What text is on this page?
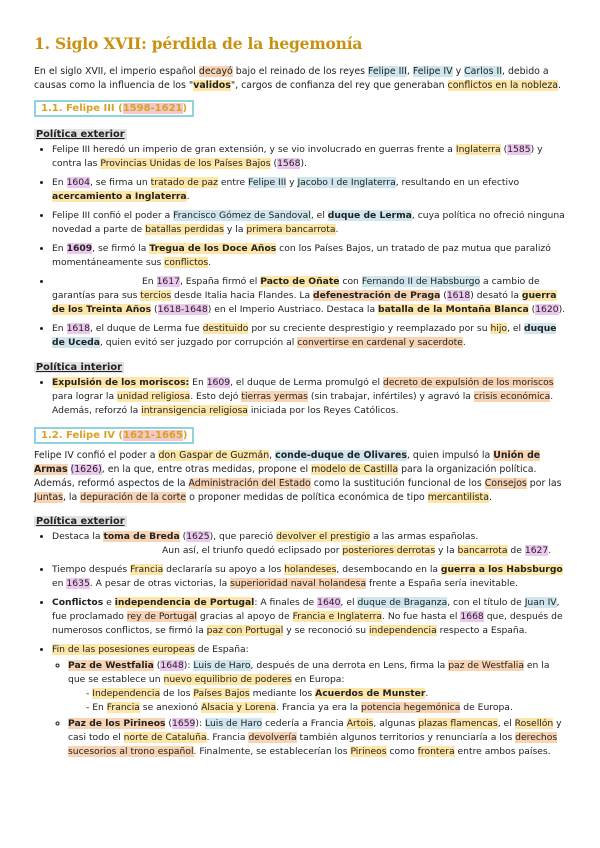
1. Siglo XVII: pérdida de la hegemonía

En el siglo XVII, el imperio español decayó bajo el reinado de los reyes Felipe III, Felipe IV y Carlos II, debido a causas como la influencia de los "validos", cargos de confianza del rey que generaban conflictos en la nobleza.

1.1. Felipe III (1598-1621)
Política exterior
• Felipe III heredó un imperio de gran extensión, y se vio involucrado en guerras frente a Inglaterra (1585) y contra las Provincias Unidas de los Países Bajos (1568).
• En 1604, se firma un tratado de paz entre Felipe III y Jacobo I de Inglaterra, resultando en un efectivo acercamiento a Inglaterra.
• Felipe III confió el poder a Francisco Gómez de Sandoval, el duque de Lerma, cuya política no ofreció ninguna novedad a parte de batallas perdidas y la primera bancarrota.
• En 1609, se firmó la Tregua de los Doce Años con los Países Bajos, un tratado de paz mutua que paralizó momentáneamente sus conflictos.
• En 1617, España firmó el Pacto de Oñate con Fernando II de Habsburgo a cambio de garantías para sus tercios desde Italia hacia Flandes. La defenestración de Praga (1618) desató la guerra de los Treinta Años (1618-1648) en el Imperio Austriaco. Destaca la batalla de la Montaña Blanca (1620).
• En 1618, el duque de Lerma fue destituido por su creciente desprestigio y reemplazado por su hijo, el duque de Uceda, quien evitó ser juzgado por corrupción al convertirse en cardenal y sacerdote.
Política interior
• Expulsión de los moriscos: En 1609, el duque de Lerma promulgó el decreto de expulsión de los moriscos para lograr la unidad religiosa. Esto dejó tierras yermas (sin trabajar, infértiles) y agravó la crisis económica. Además, reforzó la intransigencia religiosa iniciada por los Reyes Católicos.
1.2. Felipe IV (1621-1665)

Felipe IV confió el poder a don Gaspar de Guzmán, conde-duque de Olivares, quien impulsó la Unión de Armas (1626), en la que, entre otras medidas, propone el modelo de Castilla para la organización política. Además, reformó aspectos de la Administración del Estado como la sustitución funcional de los Consejos por las Juntas, la depuración de la corte o proponer medidas de política económica de tipo mercantilista.

Política exterior
• Destaca la toma de Breda (1625), que pareció devolver el prestigio a las armas españolas. Aun así, el triunfo quedó eclipsado por posteriores derrotas y la bancarrota de 1627.
• Tiempo después Francia declararía su apoyo a los holandeses, desembocando en la guerra a los Habsburgo en 1635. A pesar de otras victorias, la superioridad naval holandesa frente a España sería inevitable.
• Conflictos e independencia de Portugal: A finales de 1640, el duque de Braganza, con el título de Juan IV, fue proclamado rey de Portugal gracias al apoyo de Francia e Inglaterra. No fue hasta el 1668 que, después de numerosos conflictos, se firmó la paz con Portugal y se reconoció su independencia respecto a España.
• Fin de las posesiones europeas de España:
◦ Paz de Westfalia (1648): Luis de Haro, después de una derrota en Lens, firma la paz de Westfalia en la que se establece un nuevo equilibrio de poderes en Europa:
- Independencia de los Países Bajos mediante los Acuerdos de Munster.
- En Francia se anexionó Alsacia y Lorena. Francia ya era la potencia hegemónica de Europa.
◦ Paz de los Pirineos (1659): Luis de Haro cedería a Francia Artois, algunas plazas flamencas, el Rosellón y casi todo el norte de Cataluña. Francia devolvería también algunos territorios y renunciaría a los derechos sucesorios al trono español. Finalmente, se establecerían los Pirineos como frontera entre ambos países.
